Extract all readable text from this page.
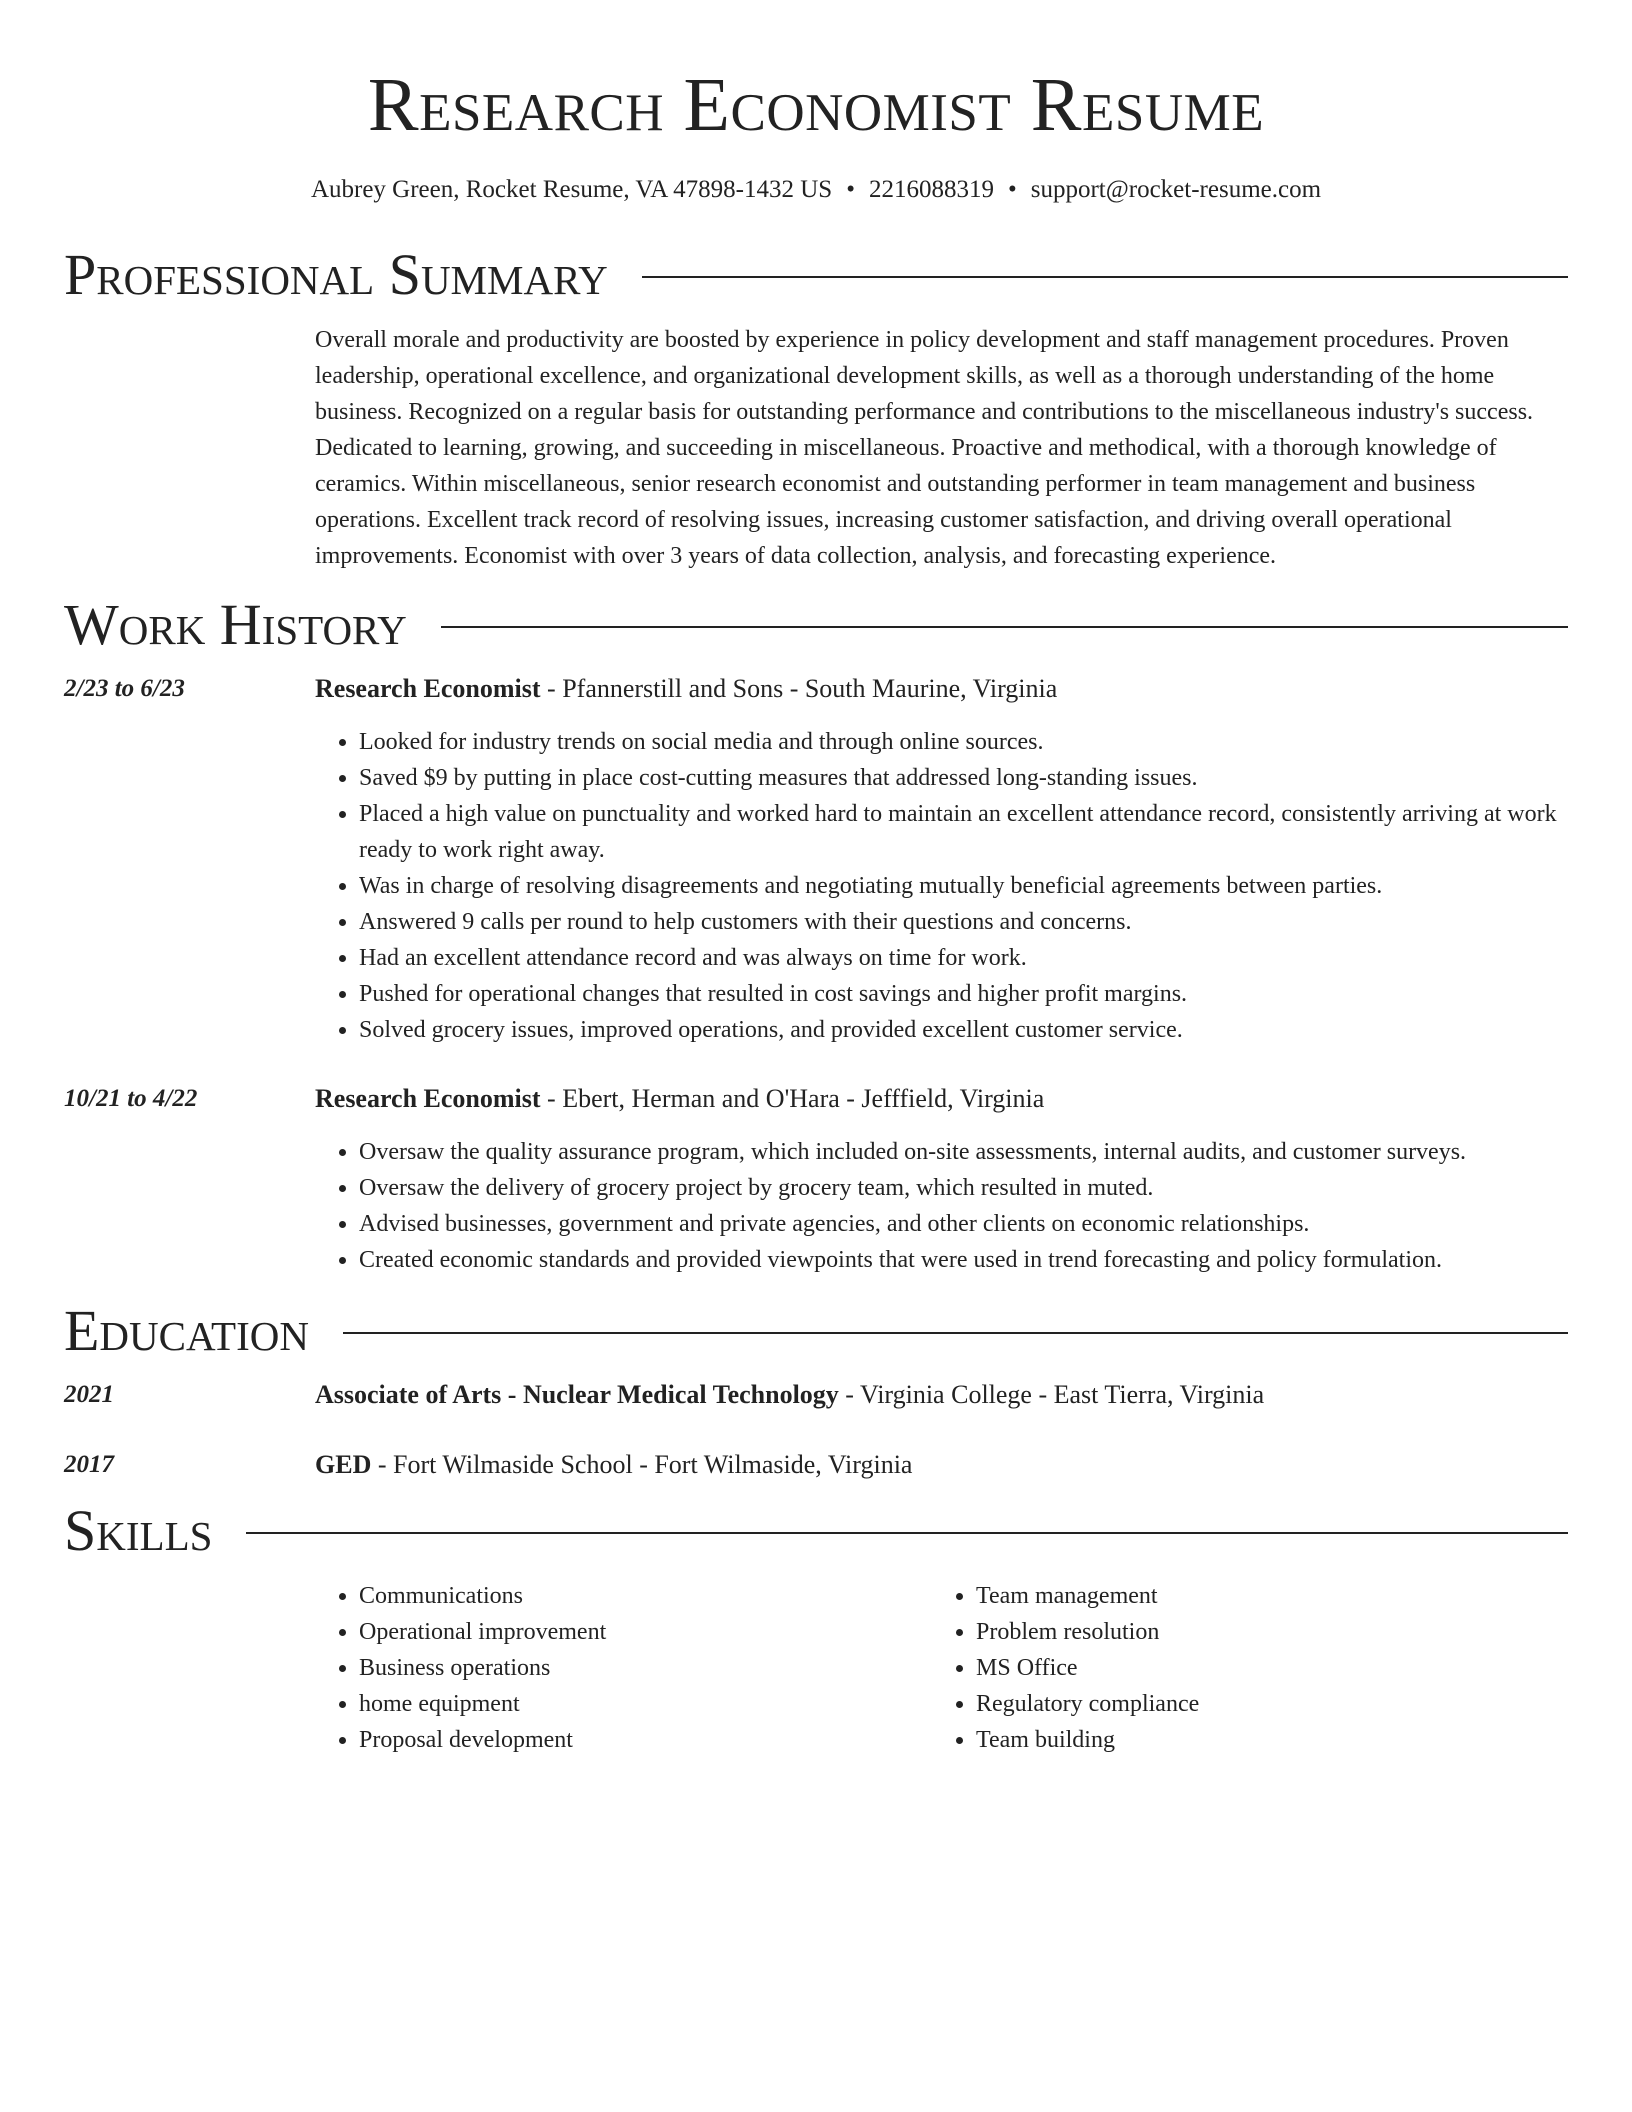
Research Economist Resume
Aubrey Green, Rocket Resume, VA 47898-1432 US • 2216088319 • support@rocket-resume.com
Professional Summary

Overall morale and productivity are boosted by experience in policy development and staff management procedures. Proven leadership, operational excellence, and organizational development skills, as well as a thorough understanding of the home business. Recognized on a regular basis for outstanding performance and contributions to the miscellaneous industry's success. Dedicated to learning, growing, and succeeding in miscellaneous. Proactive and methodical, with a thorough knowledge of ceramics. Within miscellaneous, senior research economist and outstanding performer in team management and business operations. Excellent track record of resolving issues, increasing customer satisfaction, and driving overall operational improvements. Economist with over 3 years of data collection, analysis, and forecasting experience.

Work History
2/23 to 6/23	Research Economist - Pfannerstill and Sons - South Maurine, Virginia
• Looked for industry trends on social media and through online sources.
• Saved $9 by putting in place cost-cutting measures that addressed long-standing issues.
• Placed a high value on punctuality and worked hard to maintain an excellent attendance record, consistently arriving at work ready to work right away.
• Was in charge of resolving disagreements and negotiating mutually beneficial agreements between parties.
• Answered 9 calls per round to help customers with their questions and concerns.
• Had an excellent attendance record and was always on time for work.
• Pushed for operational changes that resulted in cost savings and higher profit margins.
• Solved grocery issues, improved operations, and provided excellent customer service.
10/21 to 4/22	Research Economist - Ebert, Herman and O'Hara - Jefffield, Virginia
• Oversaw the quality assurance program, which included on-site assessments, internal audits, and customer surveys.
• Oversaw the delivery of grocery project by grocery team, which resulted in muted.
• Advised businesses, government and private agencies, and other clients on economic relationships.
• Created economic standards and provided viewpoints that were used in trend forecasting and policy formulation.
Education
2021	Associate of Arts - Nuclear Medical Technology - Virginia College - East Tierra, Virginia
2017	GED - Fort Wilmaside School - Fort Wilmaside, Virginia
Skills
• Communications
• Operational improvement
• Business operations
• home equipment
• Proposal development
• Team management
• Problem resolution
• MS Office
• Regulatory compliance
• Team building
